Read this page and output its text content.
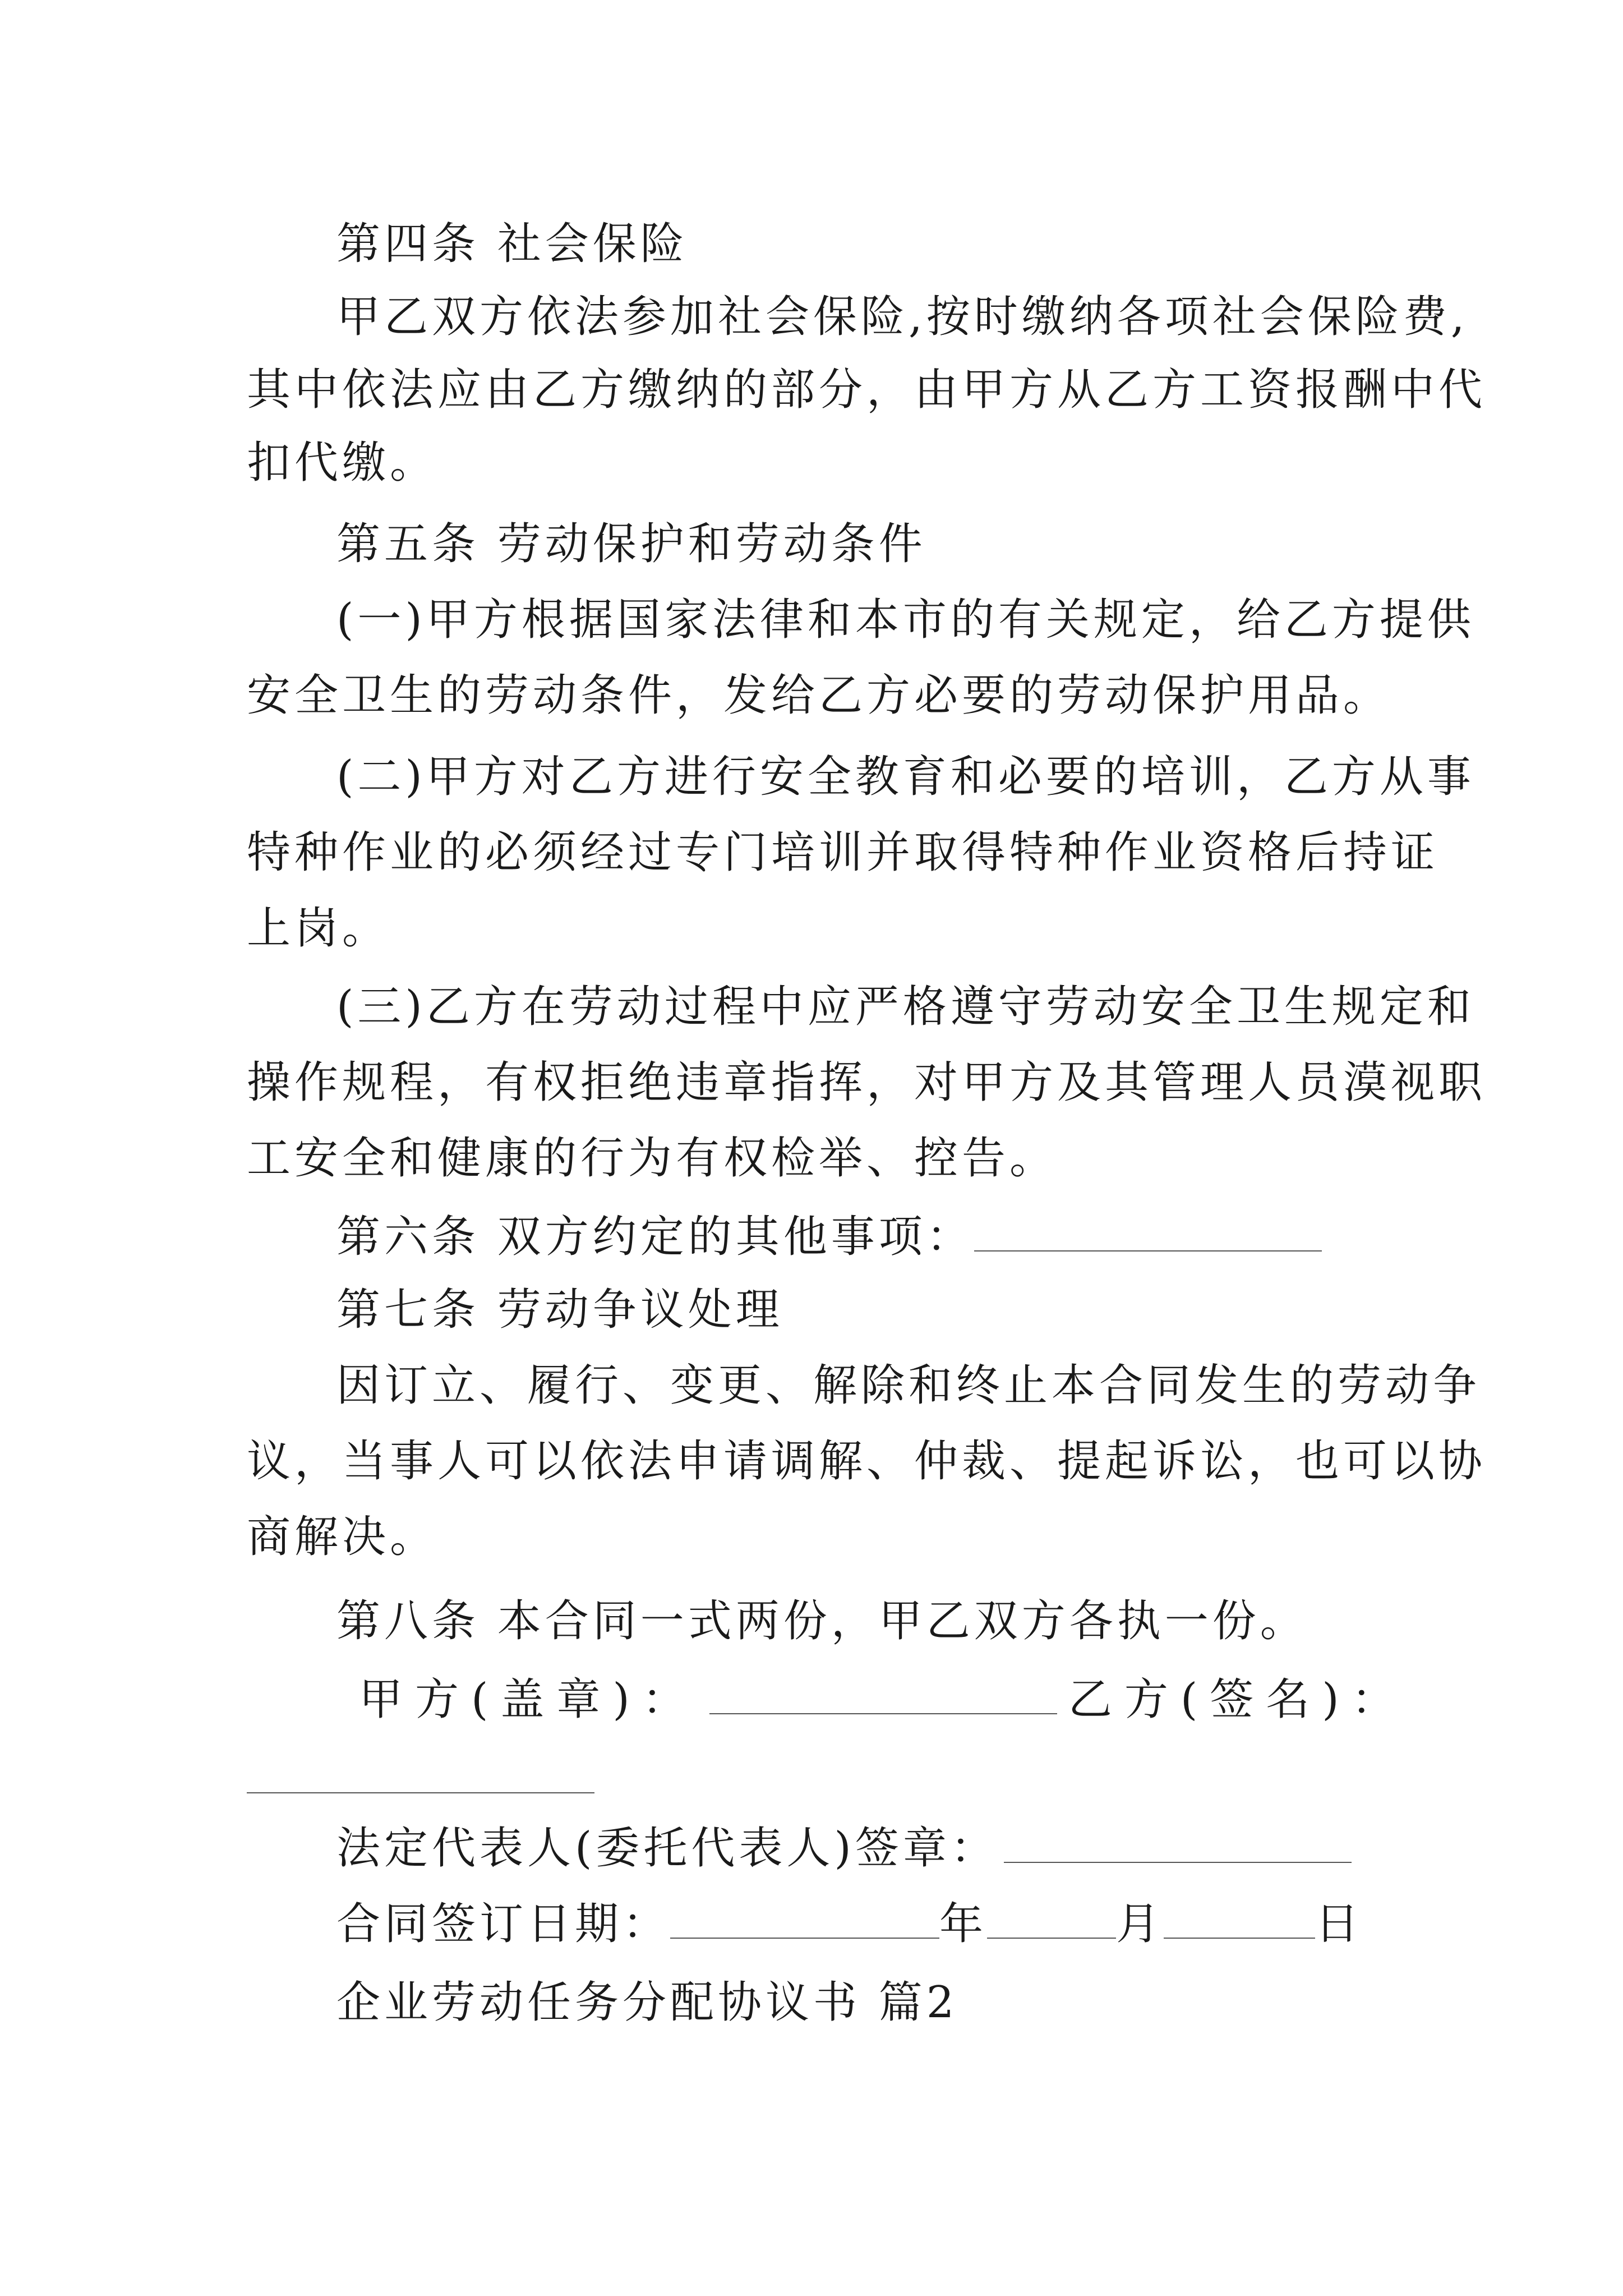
第四条 社会保险
甲乙双方依法参加社会保险,按时缴纳各项社会保险费,
其中依法应由乙方缴纳的部分，由甲方从乙方工资报酬中代
扣代缴。
第五条 劳动保护和劳动条件
(一)甲方根据国家法律和本市的有关规定，给乙方提供
安全卫生的劳动条件，发给乙方必要的劳动保护用品。
(二)甲方对乙方进行安全教育和必要的培训，乙方从事
特种作业的必须经过专门培训并取得特种作业资格后持证
上岗。
(三)乙方在劳动过程中应严格遵守劳动安全卫生规定和
操作规程，有权拒绝违章指挥，对甲方及其管理人员漠视职
工安全和健康的行为有权检举、控告。
第六条 双方约定的其他事项：
第七条 劳动争议处理
因订立、履行、变更、解除和终止本合同发生的劳动争
议，当事人可以依法申请调解、仲裁、提起诉讼，也可以协
商解决。
第八条 本合同一式两份，甲乙双方各执一份。
甲方(盖章)：	乙方(签名)：
法定代表人(委托代表人)签章：
合同签订日期：	年	月	日
企业劳动任务分配协议书 篇2
